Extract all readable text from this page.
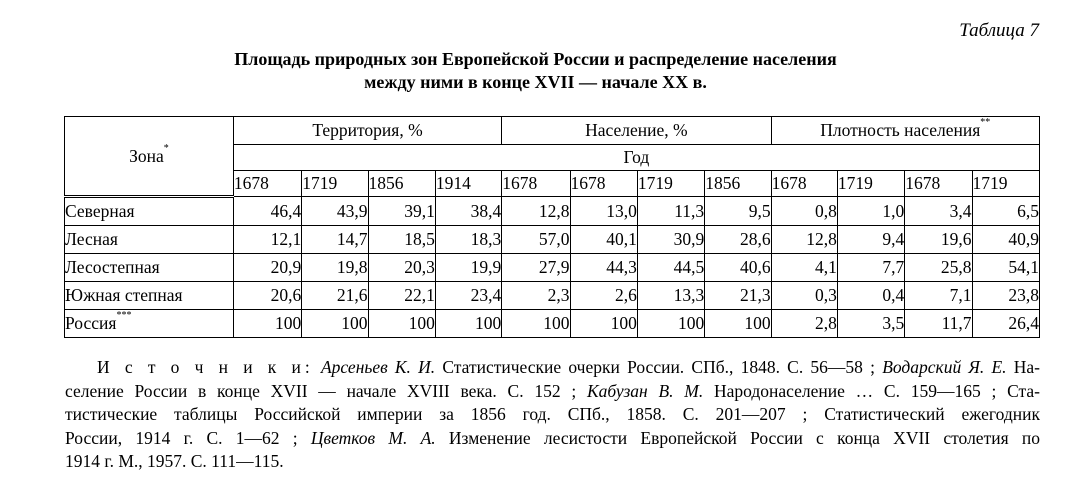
Таблица 7
Площадь природных зон Европейской России и распределение населения
между ними в конце XVII — начале XX в.
Зона*	Территория, %				Население, %				Плотность населения**
	Год											
	1678	1719	1856	1914	1678	1678	1719	1856	1678	1719	1678	1719
Северная	46,4	43,9	39,1	38,4	12,8	13,0	11,3	9,5	0,8	1,0	3,4	6,5
Лесная	12,1	14,7	18,5	18,3	57,0	40,1	30,9	28,6	12,8	9,4	19,6	40,9
Лесостепная	20,9	19,8	20,3	19,9	27,9	44,3	44,5	40,6	4,1	7,7	25,8	54,1
Южная степная	20,6	21,6	22,1	23,4	2,3	2,6	13,3	21,3	0,3	0,4	7,1	23,8
Россия***	100	100	100	100	100	100	100	100	2,8	3,5	11,7	26,4
И с т о ч н и к и: Арсеньев К. И. Статистические очерки России. СПб., 1848. С. 56—58 ; Водарский Я. Е. На-
селение России в конце XVII — начале XVIII века. С. 152 ; Кабузан В. М. Народонаселение … С. 159—165 ; Ста-
тистические таблицы Российской империи за 1856 год. СПб., 1858. С. 201—207 ; Статистический ежегодник
России, 1914 г. С. 1—62 ; Цветков М. А. Изменение лесистости Европейской России с конца XVII столетия по
1914 г. М., 1957. С. 111—115.
